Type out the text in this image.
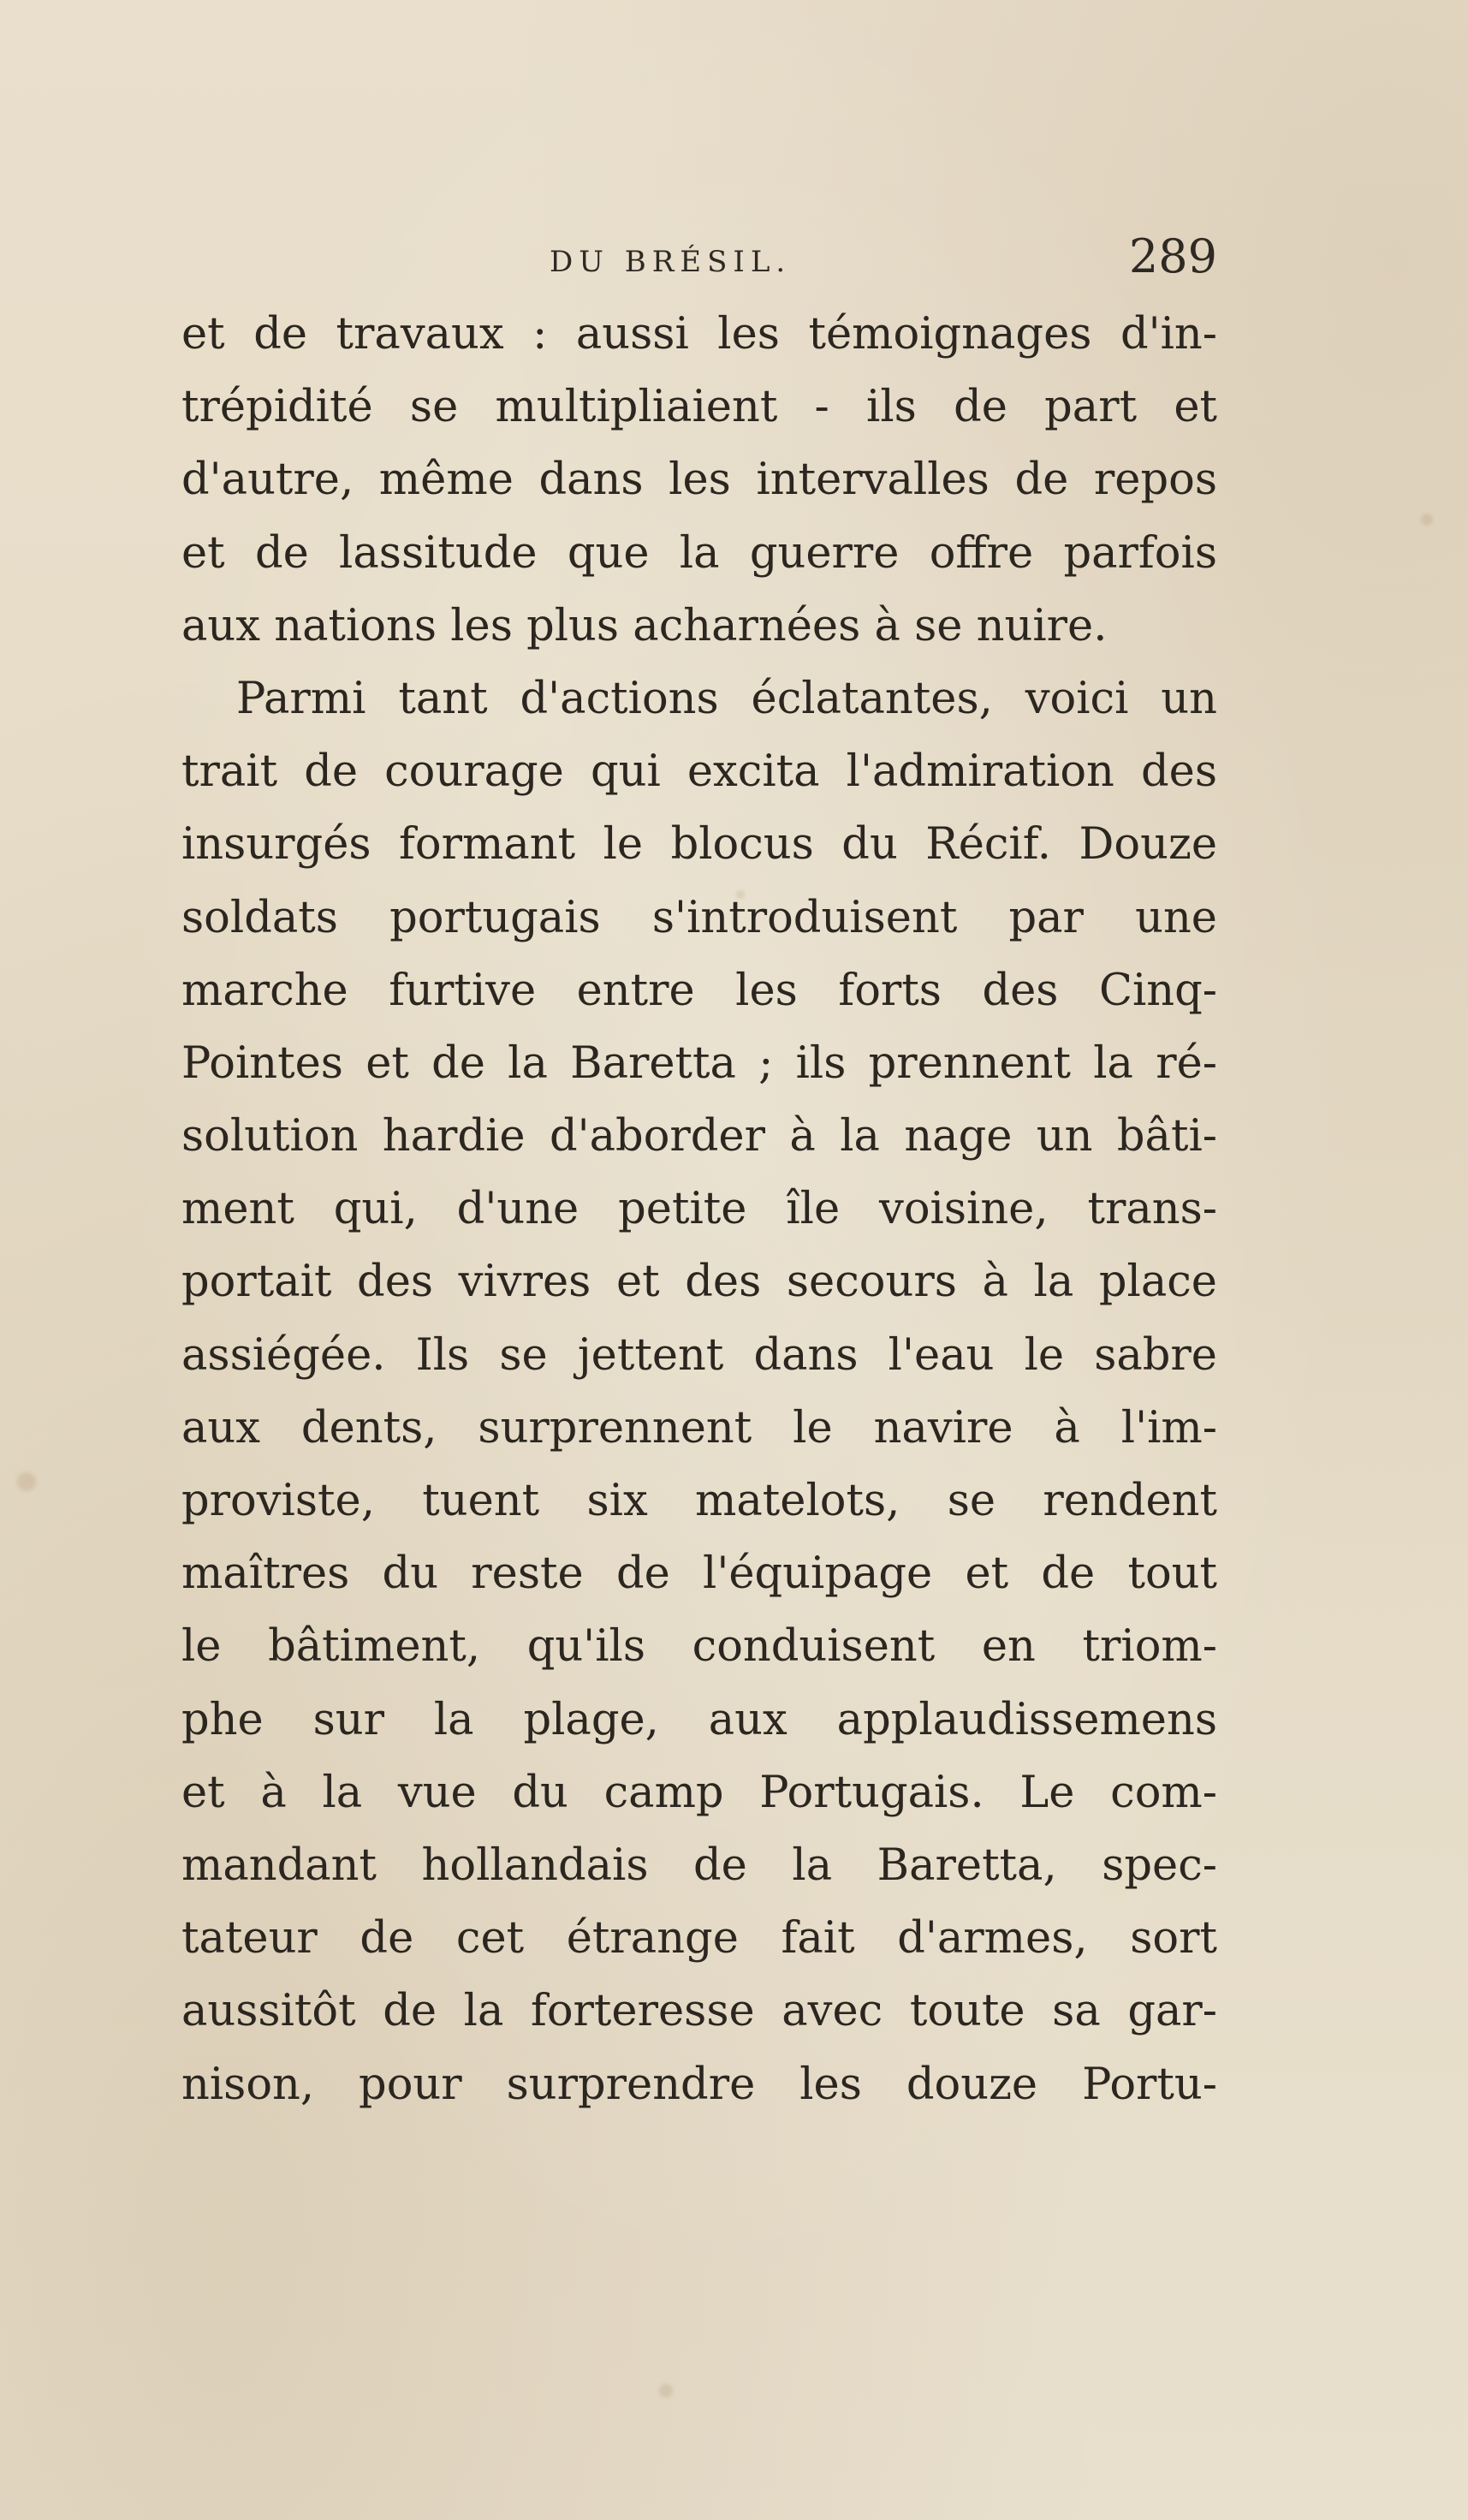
DU BRÉSIL.	289
et de travaux : aussi les témoignages d'in-
trépidité se multipliaient - ils de part et
d'autre, même dans les intervalles de repos
et de lassitude que la guerre offre parfois
aux nations les plus acharnées à se nuire.
Parmi tant d'actions éclatantes, voici un
trait de courage qui excita l'admiration des
insurgés formant le blocus du Récif. Douze
soldats portugais s'introduisent par une
marche furtive entre les forts des Cinq-
Pointes et de la Baretta ; ils prennent la ré-
solution hardie d'aborder à la nage un bâti-
ment qui, d'une petite île voisine, trans-
portait des vivres et des secours à la place
assiégée. Ils se jettent dans l'eau le sabre
aux dents, surprennent le navire à l'im-
proviste, tuent six matelots, se rendent
maîtres du reste de l'équipage et de tout
le bâtiment, qu'ils conduisent en triom-
phe sur la plage, aux applaudissemens
et à la vue du camp Portugais. Le com-
mandant hollandais de la Baretta, spec-
tateur de cet étrange fait d'armes, sort
aussitôt de la forteresse avec toute sa gar-
nison, pour surprendre les douze Portu-
